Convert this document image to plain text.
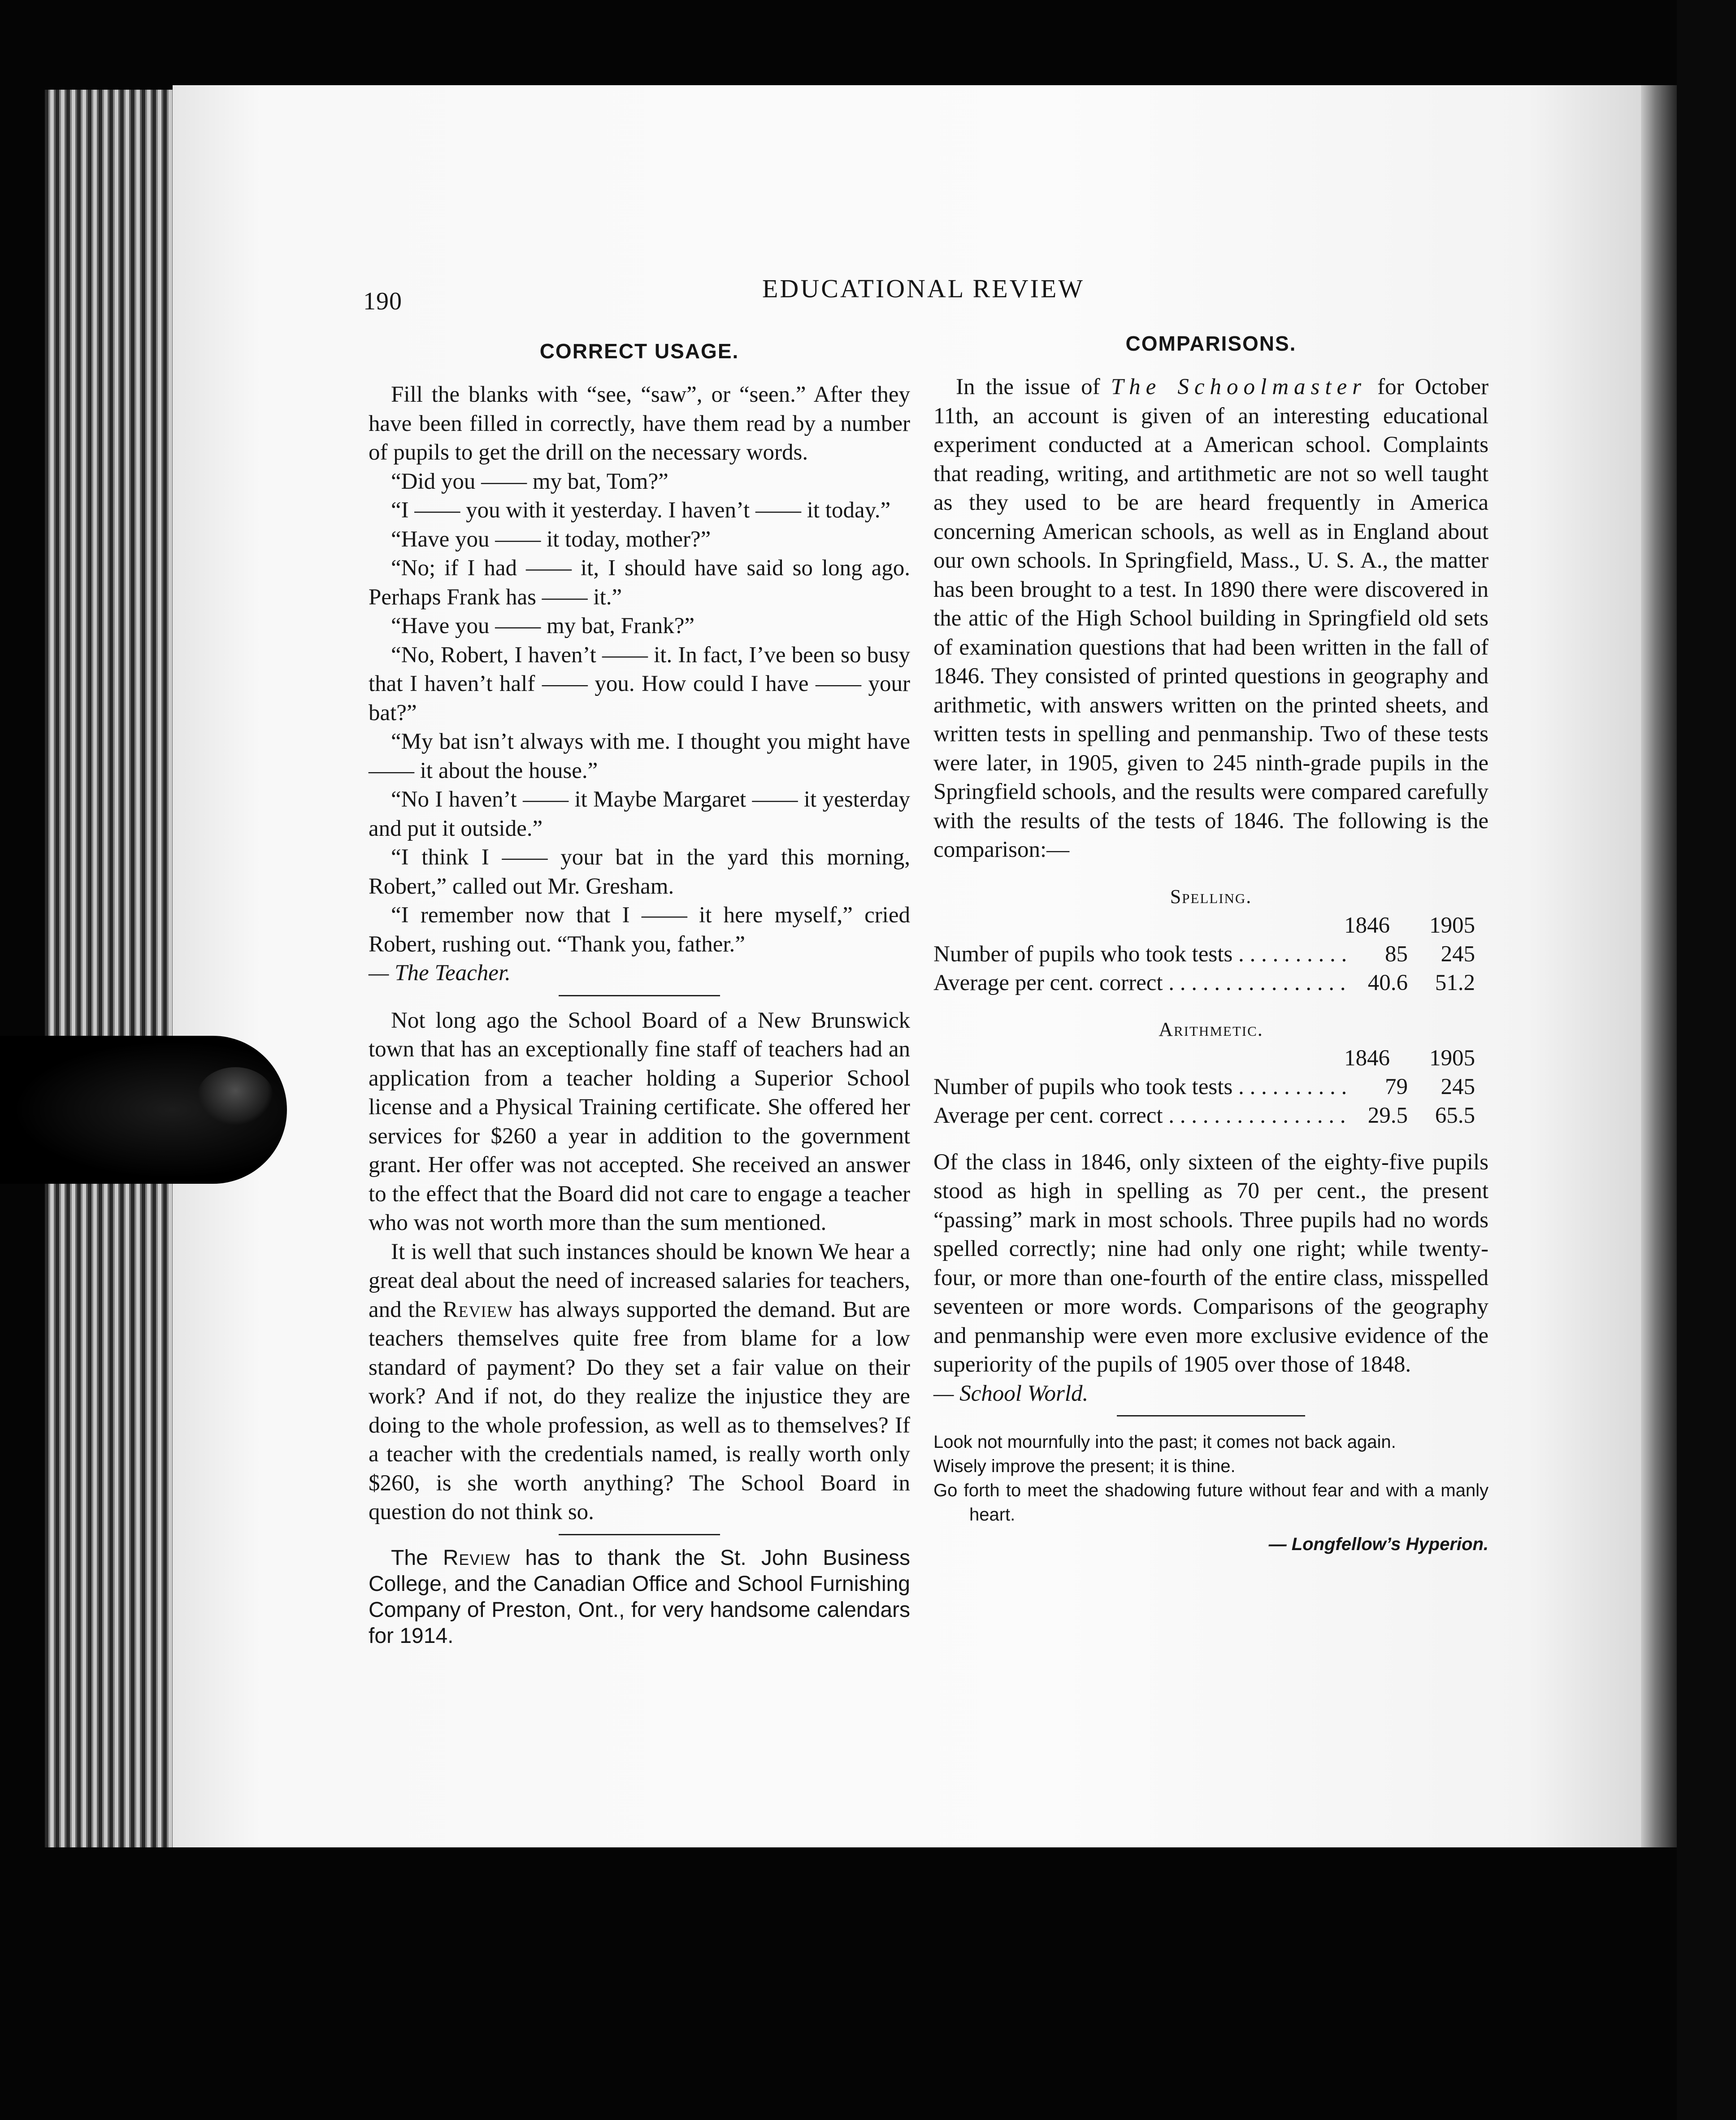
190	EDUCATIONAL REVIEW
CORRECT USAGE.

Fill the blanks with “see, “saw”, or “seen.” After they have been filled in correctly, have them read by a number of pupils to get the drill on the necessary words.

“Did you —— my bat, Tom?”

“I —— you with it yesterday. I haven’t —— it today.”

“Have you —— it today, mother?”

“No; if I had —— it, I should have said so long ago. Perhaps Frank has —— it.”

“Have you —— my bat, Frank?”

“No, Robert, I haven’t —— it. In fact, I’ve been so busy that I haven’t half —— you. How could I have —— your bat?”

“My bat isn’t always with me. I thought you might have —— it about the house.”

“No I haven’t —— it Maybe Margaret —— it yesterday and put it outside.”

“I think I —— your bat in the yard this morning, Robert,” called out Mr. Gresham.

“I remember now that I —— it here myself,” cried Robert, rushing out. “Thank you, father.”

— The Teacher.

Not long ago the School Board of a New Brunswick town that has an exceptionally fine staff of teachers had an application from a teacher holding a Superior School license and a Physical Training certificate. She offered her services for $260 a year in addition to the government grant. Her offer was not accepted. She received an answer to the effect that the Board did not care to engage a teacher who was not worth more than the sum mentioned.

It is well that such instances should be known We hear a great deal about the need of increased salaries for teachers, and the Review has always supported the demand. But are teachers themselves quite free from blame for a low standard of payment? Do they set a fair value on their work? And if not, do they realize the injustice they are doing to the whole profession, as well as to themselves? If a teacher with the credentials named, is really worth only $260, is she worth anything? The School Board in question do not think so.

The Review has to thank the St. John Business College, and the Canadian Office and School Furnishing Company of Preston, Ont., for very handsome calendars for 1914.

COMPARISONS.

In the issue of The Schoolmaster for October 11th, an account is given of an interesting educational experiment conducted at a American school. Complaints that reading, writing, and artithmetic are not so well taught as they used to be are heard frequently in America concerning American schools, as well as in England about our own schools. In Springfield, Mass., U. S. A., the matter has been brought to a test. In 1890 there were discovered in the attic of the High School building in Springfield old sets of examination questions that had been written in the fall of 1846. They consisted of printed questions in geography and arithmetic, with answers written on the printed sheets, and written tests in spelling and penmanship. Two of these tests were later, in 1905, given to 245 ninth-grade pupils in the Springfield schools, and the results were compared carefully with the results of the tests of 1846. The following is the comparison:—

Spelling.
1846	1905
Number of pupils who took tests . . .	85	245
Average per cent. correct . . .	40.6	51.2
Arithmetic.
1846	1905
Number of pupils who took tests . . .	79	245
Average per cent. correct . . .	29.5	65.5

Of the class in 1846, only sixteen of the eighty-five pupils stood as high in spelling as 70 per cent., the present “passing” mark in most schools. Three pupils had no words spelled correctly; nine had only one right; while twenty-four, or more than one-fourth of the entire class, misspelled seventeen or more words. Comparisons of the geography and penmanship were even more exclusive evidence of the superiority of the pupils of 1905 over those of 1848.

— School World.

Look not mournfully into the past; it comes not back again.
Wisely improve the present; it is thine.
Go forth to meet the shadowing future without fear and with a manly heart.
— Longfellow’s Hyperion.
